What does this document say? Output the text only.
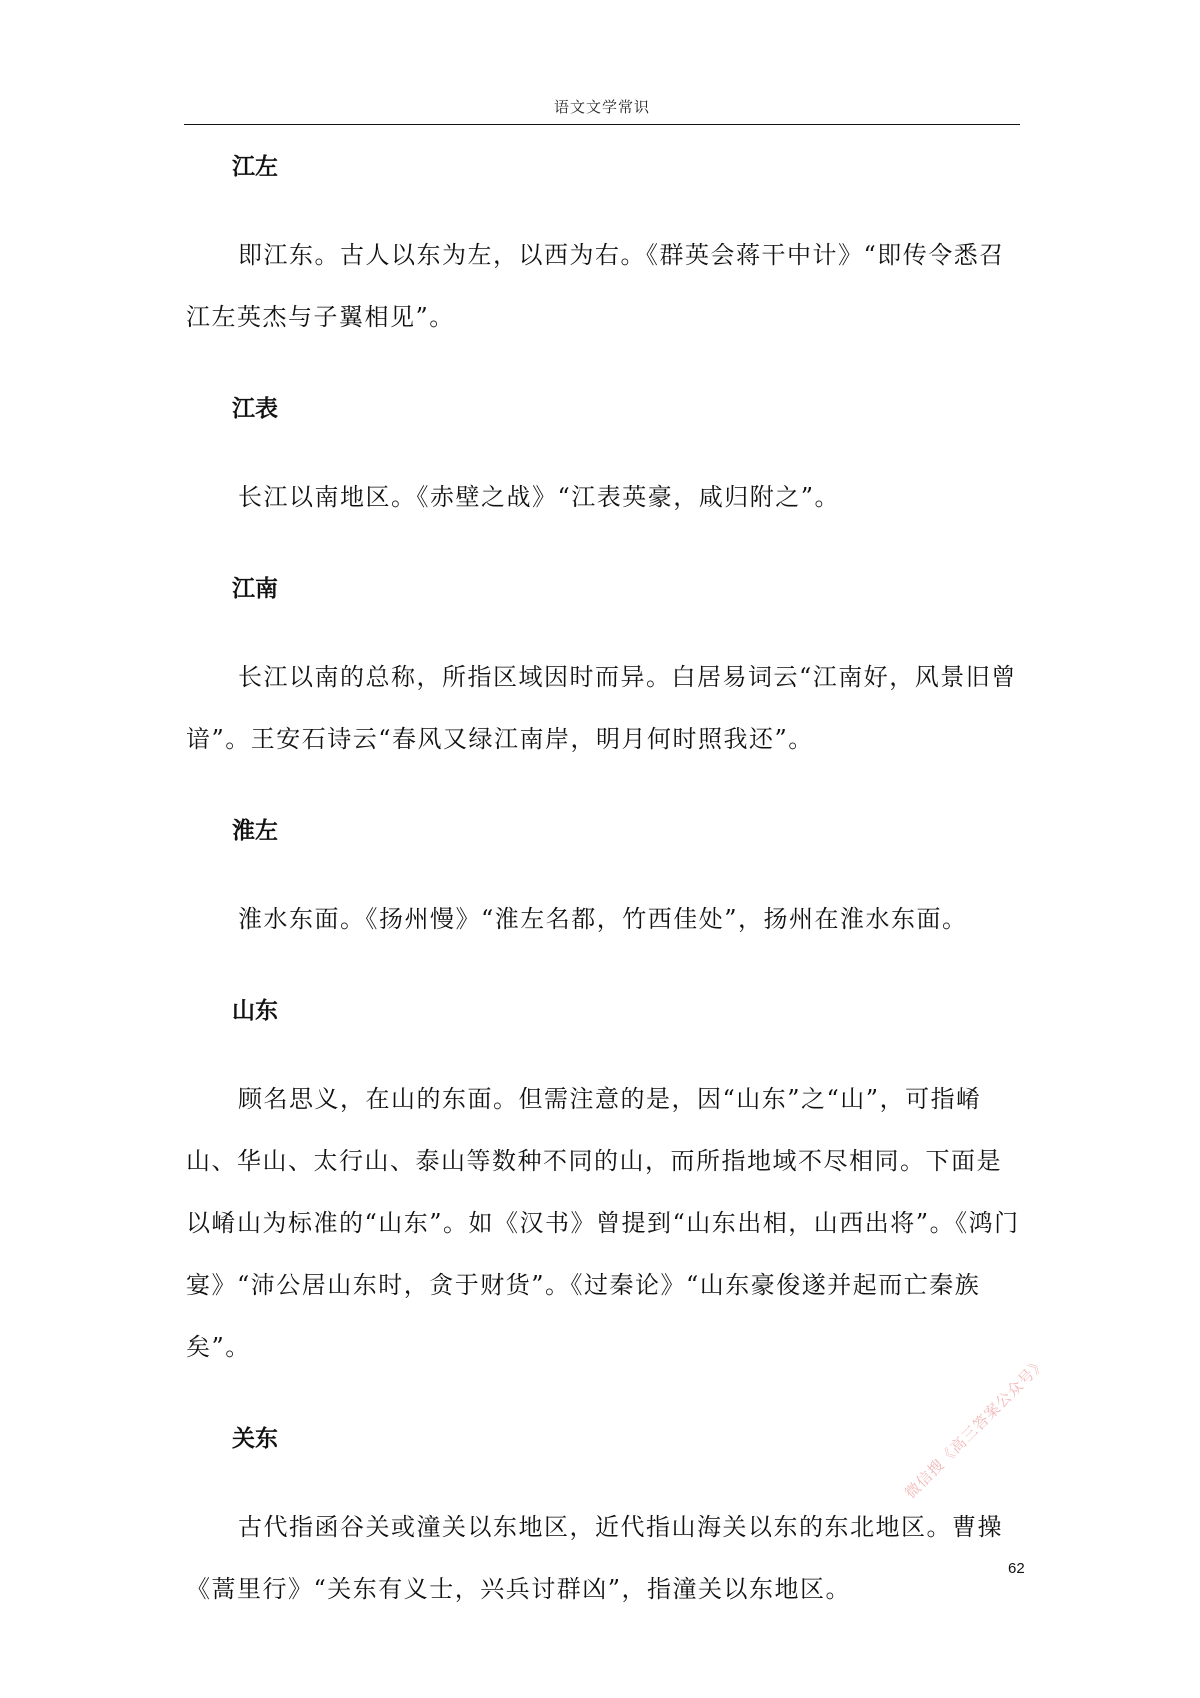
语文文学常识
江左
即江东。古人以东为左，以西为右。《群英会蒋干中计》“即传令悉召江左英杰与子翼相见”。
江表
长江以南地区。《赤壁之战》“江表英豪，咸归附之”。
江南
长江以南的总称，所指区域因时而异。白居易词云“江南好，风景旧曾谙”。王安石诗云“春风又绿江南岸，明月何时照我还”。
淮左
淮水东面。《扬州慢》“淮左名都，竹西佳处”，扬州在淮水东面。
山东
顾名思义，在山的东面。但需注意的是，因“山东”之“山”，可指崤山、华山、太行山、泰山等数种不同的山，而所指地域不尽相同。下面是以崤山为标准的“山东”。如《汉书》曾提到“山东出相，山西出将”。《鸿门宴》“沛公居山东时，贪于财货”。《过秦论》“山东豪俊遂并起而亡秦族矣”。
关东
古代指函谷关或潼关以东地区，近代指山海关以东的东北地区。曹操《蒿里行》“关东有义士，兴兵讨群凶”，指潼关以东地区。
62
微信搜《高三答案公众号》
